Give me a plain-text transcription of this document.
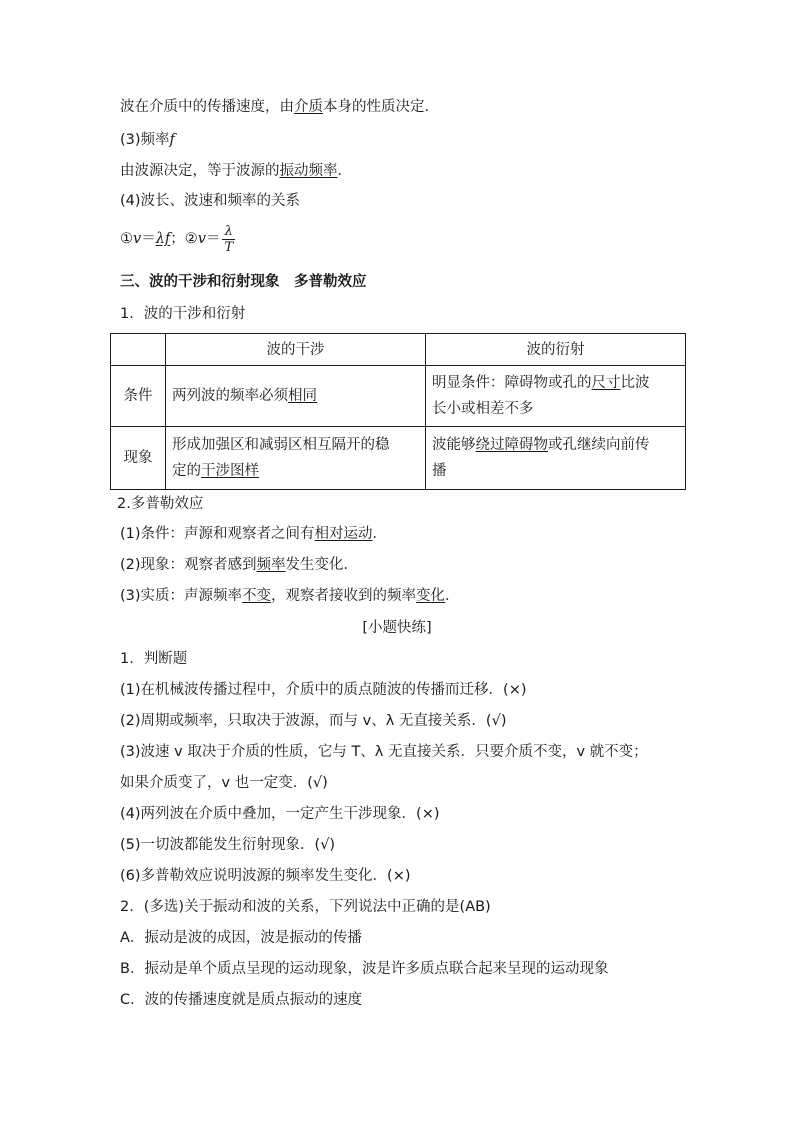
波在介质中的传播速度，由介质本身的性质决定．
(3)频率f
由波源决定，等于波源的振动频率．
(4)波长、波速和频率的关系
①v＝λf；②v＝ $\frac{\lambda}{T}$
三、波的干涉和衍射现象　多普勒效应
1．波的干涉和衍射
	波的干涉	波的衍射
条件	两列波的频率必须相同	明显条件：障碍物或孔的尺寸比波
长小或相差不多
现象	形成加强区和减弱区相互隔开的稳
定的干涉图样	波能够绕过障碍物或孔继续向前传
播
2.多普勒效应
(1)条件：声源和观察者之间有相对运动．
(2)现象：观察者感到频率发生变化．
(3)实质：声源频率不变，观察者接收到的频率变化．
[小题快练]
1．判断题
(1)在机械波传播过程中，介质中的质点随波的传播而迁移．(×)
(2)周期或频率，只取决于波源，而与 v、λ 无直接关系．(√)
(3)波速 v 取决于介质的性质，它与 T、λ 无直接关系．只要介质不变，v 就不变；
如果介质变了，v 也一定变．(√)
(4)两列波在介质中叠加，一定产生干涉现象．(×)
(5)一切波都能发生衍射现象．(√)
(6)多普勒效应说明波源的频率发生变化．(×)
2．(多选)关于振动和波的关系，下列说法中正确的是(AB)
A．振动是波的成因，波是振动的传播
B．振动是单个质点呈现的运动现象，波是许多质点联合起来呈现的运动现象
C．波的传播速度就是质点振动的速度
